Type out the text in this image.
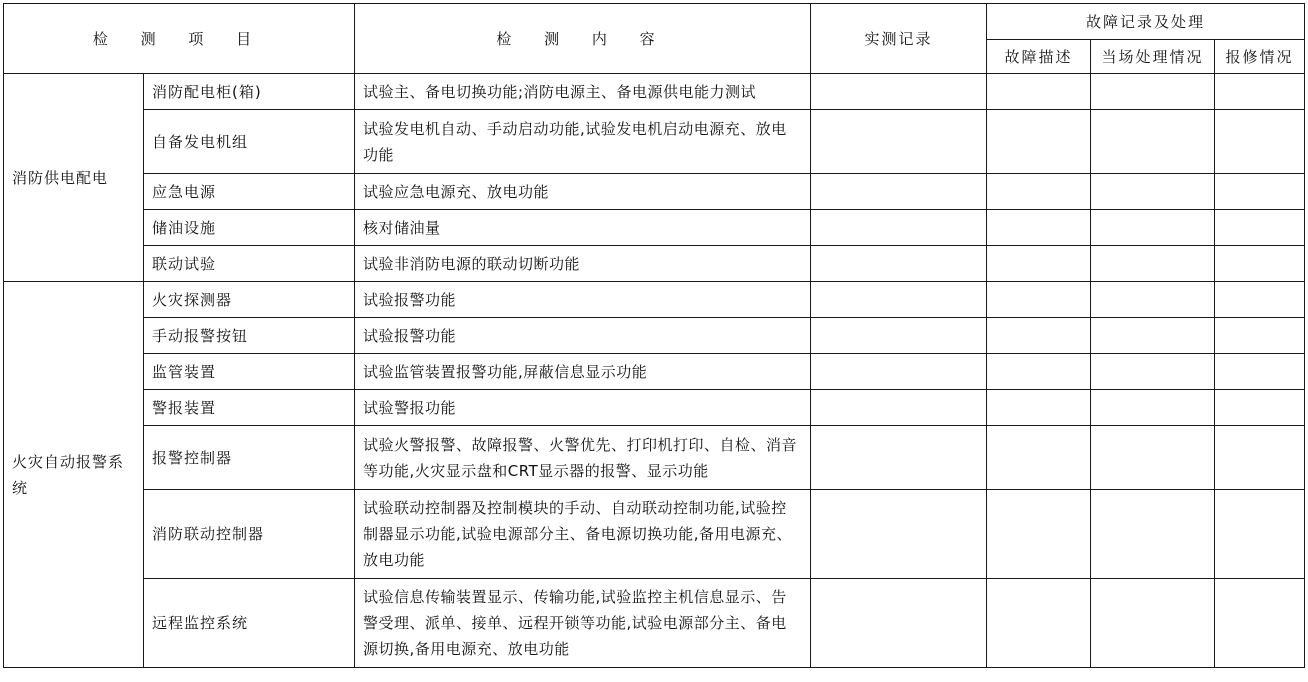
检 测 项 目		检 测 内 容	实测记录	故障记录及处理		
				故障描述	当场处理情况	报修情况
消防供电配电	消防配电柜(箱)	试验主、备电切换功能;消防电源主、备电源供电能力测试				
	自备发电机组	试验发电机自动、手动启动功能,试验发电机启动电源充、放电功能				
	应急电源	试验应急电源充、放电功能				
	储油设施	核对储油量				
	联动试验	试验非消防电源的联动切断功能				
火灾自动报警系统	火灾探测器	试验报警功能				
	手动报警按钮	试验报警功能				
	监管装置	试验监管装置报警功能,屏蔽信息显示功能				
	警报装置	试验警报功能				
	报警控制器	试验火警报警、故障报警、火警优先、打印机打印、自检、消音等功能,火灾显示盘和CRT显示器的报警、显示功能				
	消防联动控制器	试验联动控制器及控制模块的手动、自动联动控制功能,试验控制器显示功能,试验电源部分主、备电源切换功能,备用电源充、放电功能				
	远程监控系统	试验信息传输装置显示、传输功能,试验监控主机信息显示、告警受理、派单、接单、远程开锁等功能,试验电源部分主、备电源切换,备用电源充、放电功能				
